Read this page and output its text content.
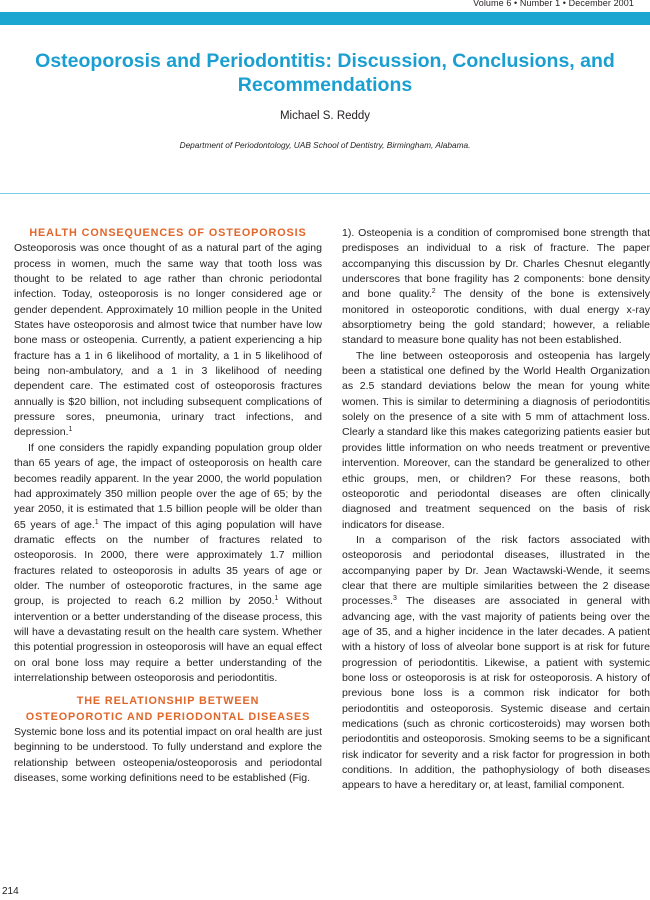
Volume 6 • Number 1 • December 2001
Osteoporosis and Periodontitis: Discussion, Conclusions, and Recommendations
Michael S. Reddy
Department of Periodontology, UAB School of Dentistry, Birmingham, Alabama.
HEALTH CONSEQUENCES OF OSTEOPOROSIS

Osteoporosis was once thought of as a natural part of the aging process in women, much the same way that tooth loss was thought to be related to age rather than chronic periodontal infection. Today, osteoporosis is no longer considered age or gender dependent. Approximately 10 million people in the United States have osteoporosis and almost twice that number have low bone mass or osteopenia. Currently, a patient experiencing a hip fracture has a 1 in 6 likelihood of mortality, a 1 in 5 likelihood of being non-ambulatory, and a 1 in 3 likelihood of needing dependent care. The estimated cost of osteoporosis fractures annually is $20 billion, not including subsequent complications of pressure sores, pneumonia, urinary tract infections, and depression.$^1$

If one considers the rapidly expanding population group older than 65 years of age, the impact of osteoporosis on health care becomes readily apparent. In the year 2000, the world population had approximately 350 million people over the age of 65; by the year 2050, it is estimated that 1.5 billion people will be older than 65 years of age.$^1$ The impact of this aging population will have dramatic effects on the number of fractures related to osteoporosis. In 2000, there were approximately 1.7 million fractures related to osteoporosis in adults 35 years of age or older. The number of osteoporotic fractures, in the same age group, is projected to reach 6.2 million by 2050.$^1$ Without intervention or a better understanding of the disease process, this will have a devastating result on the health care system. Whether this potential progression in osteoporosis will have an equal effect on oral bone loss may require a better understanding of the interrelationship between osteoporosis and periodontitis.

THE RELATIONSHIP BETWEEN
OSTEOPOROTIC AND PERIODONTAL DISEASES

Systemic bone loss and its potential impact on oral health are just beginning to be understood. To fully understand and explore the relationship between osteopenia/osteoporosis and periodontal diseases, some working definitions need to be established (Fig.

1). Osteopenia is a condition of compromised bone strength that predisposes an individual to a risk of fracture. The paper accompanying this discussion by Dr. Charles Chesnut elegantly underscores that bone fragility has 2 components: bone density and bone quality.$^2$ The density of the bone is extensively monitored in osteoporotic conditions, with dual energy x-ray absorptiometry being the gold standard; however, a reliable standard to measure bone quality has not been established.

The line between osteoporosis and osteopenia has largely been a statistical one defined by the World Health Organization as 2.5 standard deviations below the mean for young white women. This is similar to determining a diagnosis of periodontitis solely on the presence of a site with 5 mm of attachment loss. Clearly a standard like this makes categorizing patients easier but provides little information on who needs treatment or preventive intervention. Moreover, can the standard be generalized to other ethic groups, men, or children? For these reasons, both osteoporotic and periodontal diseases are often clinically diagnosed and treatment sequenced on the basis of risk indicators for disease.

In a comparison of the risk factors associated with osteoporosis and periodontal diseases, illustrated in the accompanying paper by Dr. Jean Wactawski-Wende, it seems clear that there are multiple similarities between the 2 disease processes.$^3$ The diseases are associated in general with advancing age, with the vast majority of patients being over the age of 35, and a higher incidence in the later decades. A patient with a history of loss of alveolar bone support is at risk for future progression of periodontitis. Likewise, a patient with systemic bone loss or osteoporosis is at risk for osteoporosis. A history of previous bone loss is a common risk indicator for both periodontitis and osteoporosis. Systemic disease and certain medications (such as chronic corticosteroids) may worsen both periodontitis and osteoporosis. Smoking seems to be a significant risk indicator for severity and a risk factor for progression in both conditions. In addition, the pathophysiology of both diseases appears to have a hereditary or, at least, familial component.

214
